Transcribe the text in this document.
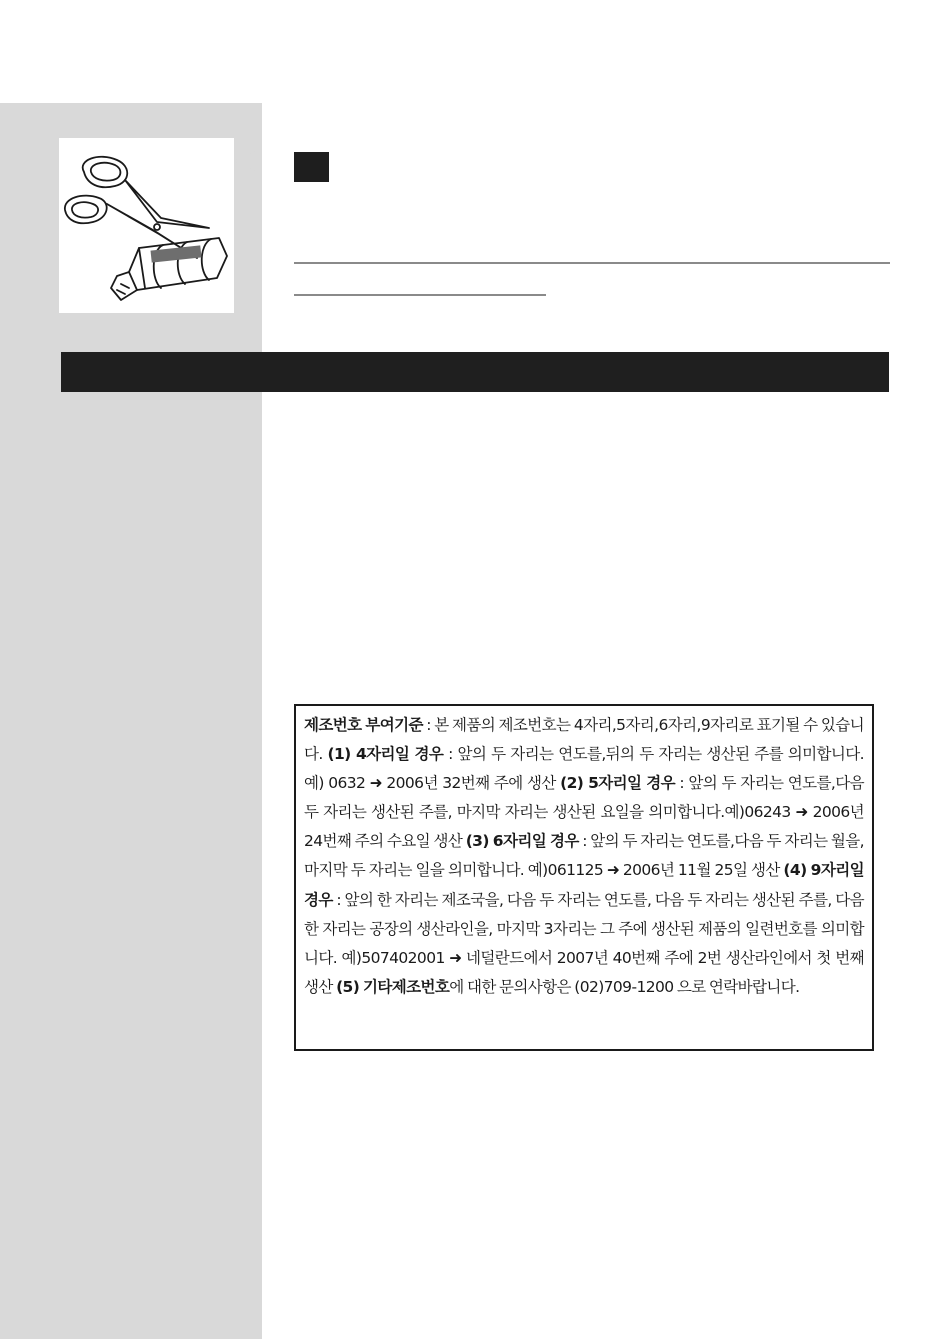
제조번호 부여기준 : 본 제품의 제조번호는 4자리,5자리,6자리,9자리로 표기될 수 있습니다. (1) 4자리일 경우 : 앞의 두 자리는 연도를,뒤의 두 자리는 생산된 주를 의미합니다. 예) 0632 ➜ 2006년 32번째 주에 생산 (2) 5자리일 경우 : 앞의 두 자리는 연도를,다음 두 자리는 생산된 주를, 마지막 자리는 생산된 요일을 의미합니다.예)06243 ➜ 2006년 24번째 주의 수요일 생산 (3) 6자리일 경우 : 앞의 두 자리는 연도를,다음 두 자리는 월을, 마지막 두 자리는 일을 의미합니다. 예)061125 ➜ 2006년 11월 25일 생산 (4) 9자리일 경우 : 앞의 한 자리는 제조국을, 다음 두 자리는 연도를, 다음 두 자리는 생산된 주를, 다음 한 자리는 공장의 생산라인을, 마지막 3자리는 그 주에 생산된 제품의 일련번호를 의미합니다. 예)507402001 ➜ 네덜란드에서 2007년 40번째 주에 2번 생산라인에서 첫 번째 생산 (5) 기타제조번호에 대한 문의사항은 (02)709-1200 으로 연락바랍니다.
